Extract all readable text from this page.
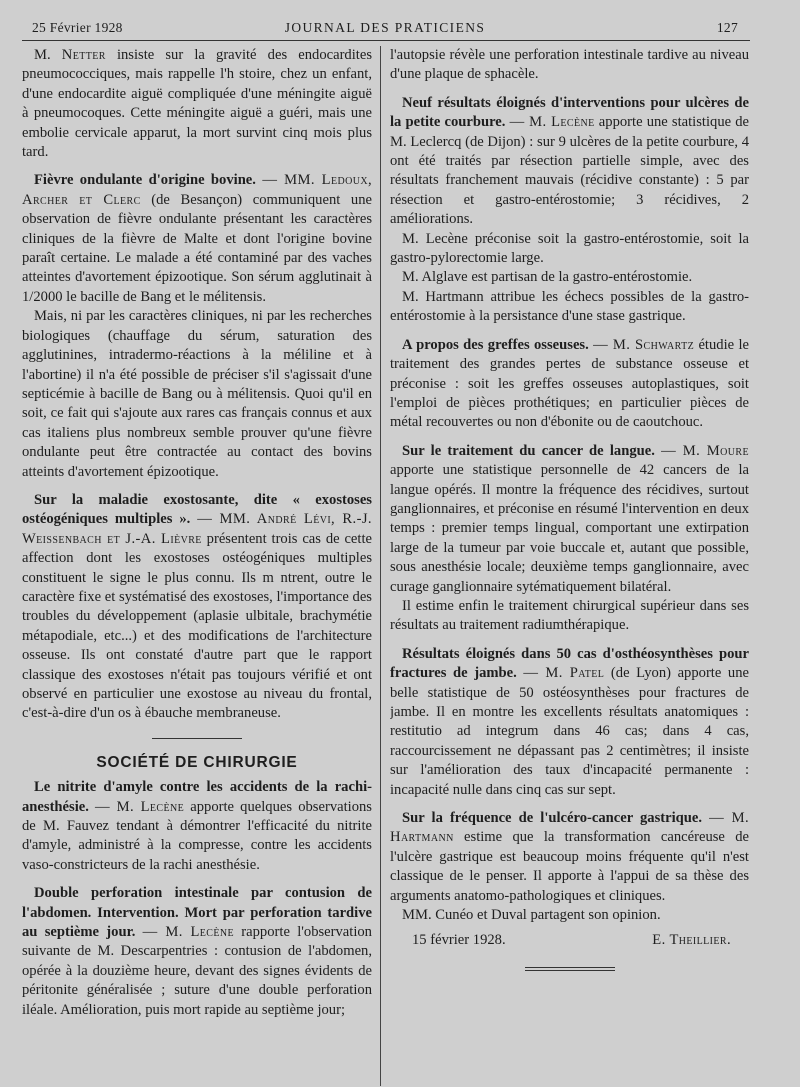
25 Février 1928	JOURNAL DES PRATICIENS	127

M. Netter insiste sur la gravité des endocardites pneumococciques, mais rappelle l'h stoire, chez un enfant, d'une endocardite aiguë compliquée d'une méningite aiguë à pneumocoques. Cette méningite aiguë a guéri, mais une embolie cervicale apparut, la mort survint cinq mois plus tard.

Fièvre ondulante d'origine bovine. — MM. Ledoux, Archer et Clerc (de Besançon) communiquent une observation de fièvre ondulante présentant les caractères cliniques de la fièvre de Malte et dont l'origine bovine paraît certaine. Le malade a été contaminé par des vaches atteintes d'avortement épizootique. Son sérum agglutinait à 1/2000 le bacille de Bang et le mélitensis.

Mais, ni par les caractères cliniques, ni par les recherches biologiques (chauffage du sérum, saturation des agglutinines, intradermo-réactions à la méliline et à l'abortine) il n'a été possible de préciser s'il s'agissait d'une septicémie à bacille de Bang ou à mélitensis. Quoi qu'il en soit, ce fait qui s'ajoute aux rares cas français connus et aux cas italiens plus nombreux semble prouver qu'une fièvre ondulante peut être contractée au contact des bovins atteints d'avortement épizootique.

Sur la maladie exostosante, dite « exostoses ostéogéniques multiples ». — MM. André Lévi, R.-J. Weissenbach et J.-A. Lièvre présentent trois cas de cette affection dont les exostoses ostéogéniques multiples constituent le signe le plus connu. Ils m ntrent, outre le caractère fixe et systématisé des exostoses, l'importance des troubles du développement (aplasie ulbitale, brachymétie métapodiale, etc...) et des modifications de l'architecture osseuse. Ils ont constaté d'autre part que le rapport classique des exostoses n'était pas toujours vérifié et ont observé en particulier une exostose au niveau du frontal, c'est-à-dire d'un os à ébauche membraneuse.

SOCIÉTÉ DE CHIRURGIE

Le nitrite d'amyle contre les accidents de la rachi-anesthésie. — M. Lecène apporte quelques observations de M. Fauvez tendant à démontrer l'efficacité du nitrite d'amyle, administré à la compresse, contre les accidents vaso-constricteurs de la rachi anesthésie.

Double perforation intestinale par contusion de l'abdomen. Intervention. Mort par perforation tardive au septième jour. — M. Lecène rapporte l'observation suivante de M. Descarpentries : contusion de l'abdomen, opérée à la douzième heure, devant des signes évidents de péritonite généralisée ; suture d'une double perforation iléale. Amélioration, puis mort rapide au septième jour;

l'autopsie révèle une perforation intestinale tardive au niveau d'une plaque de sphacèle.

Neuf résultats éloignés d'interventions pour ulcères de la petite courbure. — M. Lecène apporte une statistique de M. Leclercq (de Dijon) : sur 9 ulcères de la petite courbure, 4 ont été traités par résection partielle simple, avec des résultats franchement mauvais (récidive constante) : 5 par résection et gastro-entérostomie; 3 récidives, 2 améliorations.

M. Lecène préconise soit la gastro-entérostomie, soit la gastro-pylorectomie large.

M. Alglave est partisan de la gastro-entérostomie.

M. Hartmann attribue les échecs possibles de la gastro-entérostomie à la persistance d'une stase gastrique.

A propos des greffes osseuses. — M. Schwartz étudie le traitement des grandes pertes de substance osseuse et préconise : soit les greffes osseuses autoplastiques, soit l'emploi de pièces prothétiques; en particulier pièces de métal recouvertes ou non d'ébonite ou de caoutchouc.

Sur le traitement du cancer de langue. — M. Moure apporte une statistique personnelle de 42 cancers de la langue opérés. Il montre la fréquence des récidives, surtout ganglionnaires, et préconise en résumé l'intervention en deux temps : premier temps lingual, comportant une extirpation large de la tumeur par voie buccale et, autant que possible, sous anesthésie locale; deuxième temps ganglionnaire, avec curage ganglionnaire sytématiquement bilatéral.

Il estime enfin le traitement chirurgical supérieur dans ses résultats au traitement radiumthérapique.

Résultats éloignés dans 50 cas d'osthéosynthèses pour fractures de jambe. — M. Patel (de Lyon) apporte une belle statistique de 50 ostéosynthèses pour fractures de jambe. Il en montre les excellents résultats anatomiques : restitutio ad integrum dans 46 cas; dans 4 cas, raccourcissement ne dépassant pas 2 centimètres; il insiste sur l'amélioration des taux d'incapacité permanente : incapacité nulle dans cinq cas sur sept.

Sur la fréquence de l'ulcéro-cancer gastrique. — M. Hartmann estime que la transformation cancéreuse de l'ulcère gastrique est beaucoup moins fréquente qu'il n'est classique de le penser. Il apporte à l'appui de sa thèse des arguments anatomo-pathologiques et cliniques.

MM. Cunéo et Duval partagent son opinion.

15 février 1928.	E. Theillier.
